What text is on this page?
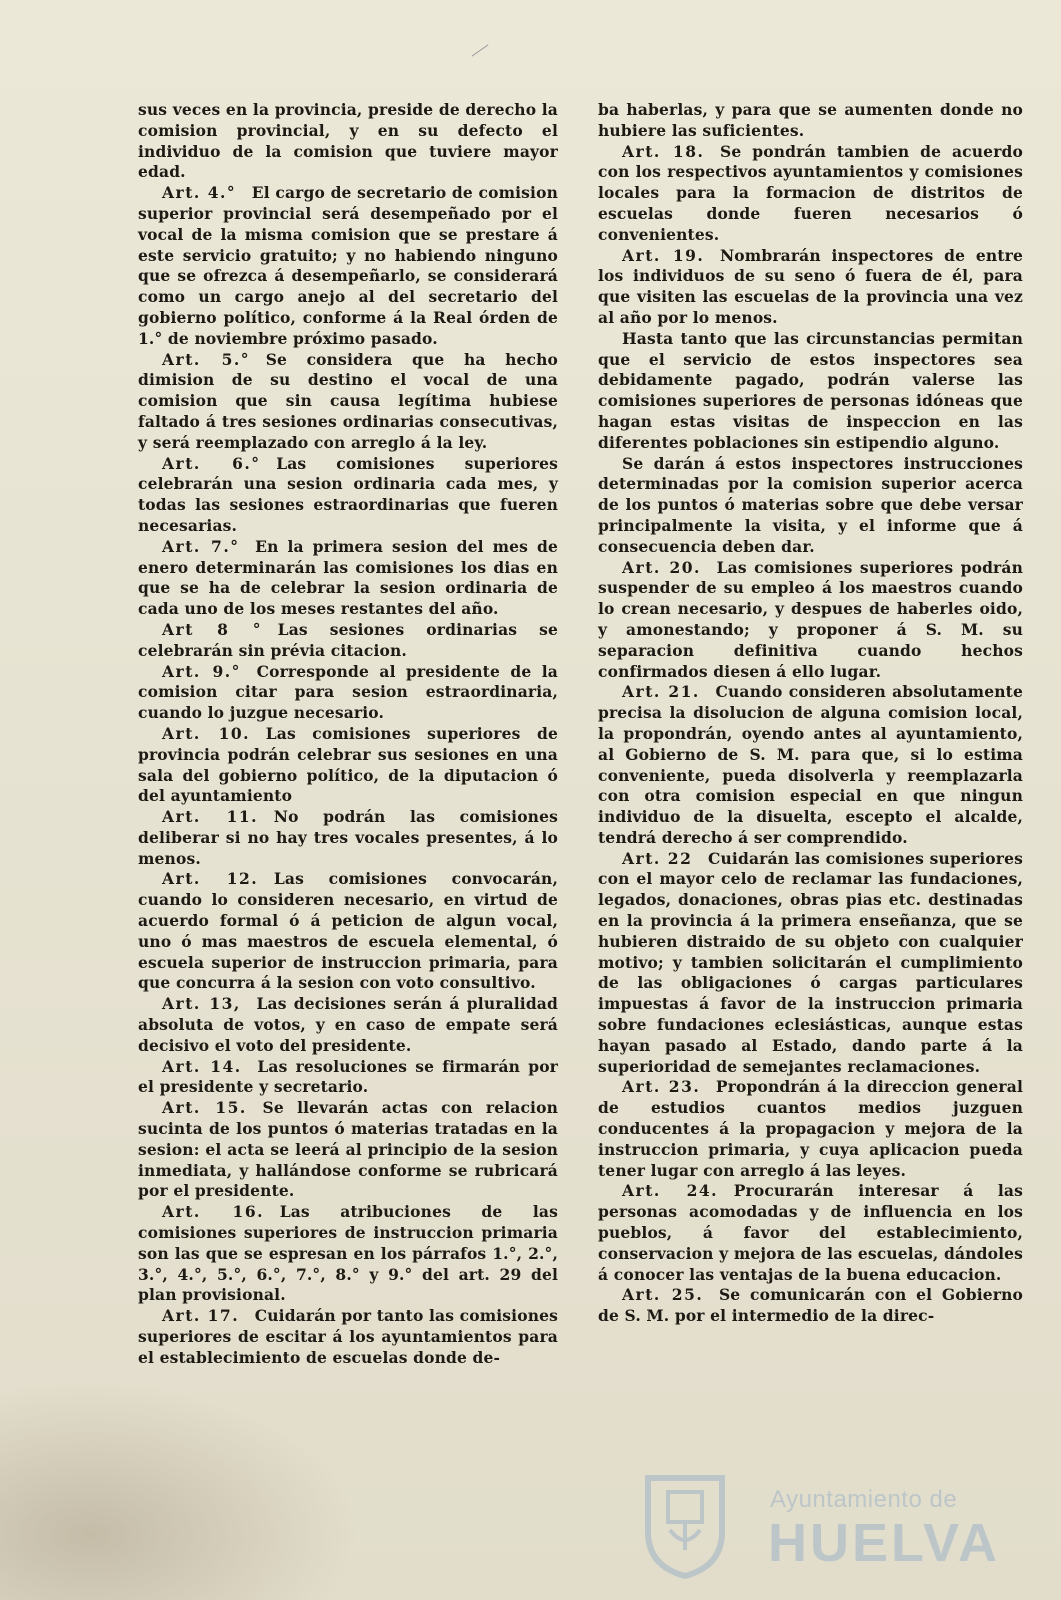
sus veces en la provincia, preside de derecho la comision provincial, y en su defecto el individuo de la comision que tuviere mayor edad.

Art. 4.°  El cargo de secretario de comision superior provincial será desempeñado por el vocal de la misma comision que se prestare á este servicio gratuito; y no habiendo ninguno que se ofrezca á desempeñarlo, se considerará como un cargo anejo al del secretario del gobierno político, conforme á la Real órden de 1.° de noviembre próximo pasado.

Art. 5.°  Se considera que ha hecho dimision de su destino el vocal de una comision que sin causa legítima hubiese faltado á tres sesiones ordinarias consecutivas, y será reemplazado con arreglo á la ley.

Art. 6.°  Las comisiones superiores celebrarán una sesion ordinaria cada mes, y todas las sesiones estraordinarias que fueren necesarias.

Art. 7.°  En la primera sesion del mes de enero determinarán las comisiones los dias en que se ha de celebrar la sesion ordinaria de cada uno de los meses restantes del año.

Art 8 °  Las sesiones ordinarias se celebrarán sin prévia citacion.

Art. 9.°  Corresponde al presidente de la comision citar para sesion estraordinaria, cuando lo juzgue necesario.

Art. 10.  Las comisiones superiores de provincia podrán celebrar sus sesiones en una sala del gobierno político, de la diputacion ó del ayuntamiento

Art. 11.  No podrán las comisiones deliberar si no hay tres vocales presentes, á lo menos.

Art. 12.  Las comisiones convocarán, cuando lo consideren necesario, en virtud de acuerdo formal ó á peticion de algun vocal, uno ó mas maestros de escuela elemental, ó escuela superior de instruccion primaria, para que concurra á la sesion con voto consultivo.

Art. 13,  Las decisiones serán á pluralidad absoluta de votos, y en caso de empate será decisivo el voto del presidente.

Art. 14.  Las resoluciones se firmarán por el presidente y secretario.

Art. 15.  Se llevarán actas con relacion sucinta de los puntos ó materias tratadas en la sesion: el acta se leerá al principio de la sesion inmediata, y hallándose conforme se rubricará por el presidente.

Art. 16.  Las atribuciones de las comisiones superiores de instruccion primaria son las que se espresan en los párrafos 1.°, 2.°, 3.°, 4.°, 5.°, 6.°, 7.°, 8.° y 9.° del art. 29 del plan provisional.

Art. 17.  Cuidarán por tanto las comisiones superiores de escitar á los ayuntamientos para el establecimiento de escuelas donde de-

ba haberlas, y para que se aumenten donde no hubiere las suficientes.

Art. 18.  Se pondrán tambien de acuerdo con los respectivos ayuntamientos y comisiones locales para la formacion de distritos de escuelas donde fueren necesarios ó convenientes.

Art. 19.  Nombrarán inspectores de entre los individuos de su seno ó fuera de él, para que visiten las escuelas de la provincia una vez al año por lo menos.

Hasta tanto que las circunstancias permitan que el servicio de estos inspectores sea debidamente pagado, podrán valerse las comisiones superiores de personas idóneas que hagan estas visitas de inspeccion en las diferentes poblaciones sin estipendio alguno.

Se darán á estos inspectores instrucciones determinadas por la comision superior acerca de los puntos ó materias sobre que debe versar principalmente la visita, y el informe que á consecuencia deben dar.

Art. 20.  Las comisiones superiores podrán suspender de su empleo á los maestros cuando lo crean necesario, y despues de haberles oido, y amonestando; y proponer á S. M. su separacion definitiva cuando hechos confirmados diesen á ello lugar.

Art. 21.  Cuando consideren absolutamente precisa la disolucion de alguna comision local, la propondrán, oyendo antes al ayuntamiento, al Gobierno de S. M. para que, si lo estima conveniente, pueda disolverla y reemplazarla con otra comision especial en que ningun individuo de la disuelta, escepto el alcalde, tendrá derecho á ser comprendido.

Art. 22  Cuidarán las comisiones superiores con el mayor celo de reclamar las fundaciones, legados, donaciones, obras pias etc. destinadas en la provincia á la primera enseñanza, que se hubieren distraido de su objeto con cualquier motivo; y tambien solicitarán el cumplimiento de las obligaciones ó cargas particulares impuestas á favor de la instruccion primaria sobre fundaciones eclesiásticas, aunque estas hayan pasado al Estado, dando parte á la superioridad de semejantes reclamaciones.

Art. 23.  Propondrán á la direccion general de estudios cuantos medios juzguen conducentes á la propagacion y mejora de la instruccion primaria, y cuya aplicacion pueda tener lugar con arreglo á las leyes.

Art. 24.  Procurarán interesar á las personas acomodadas y de influencia en los pueblos, á favor del establecimiento, conservacion y mejora de las escuelas, dándoles á conocer las ventajas de la buena educacion.

Art. 25.  Se comunicarán con el Gobierno de S. M. por el intermedio de la direc-

Ayuntamiento de
HUELVA
